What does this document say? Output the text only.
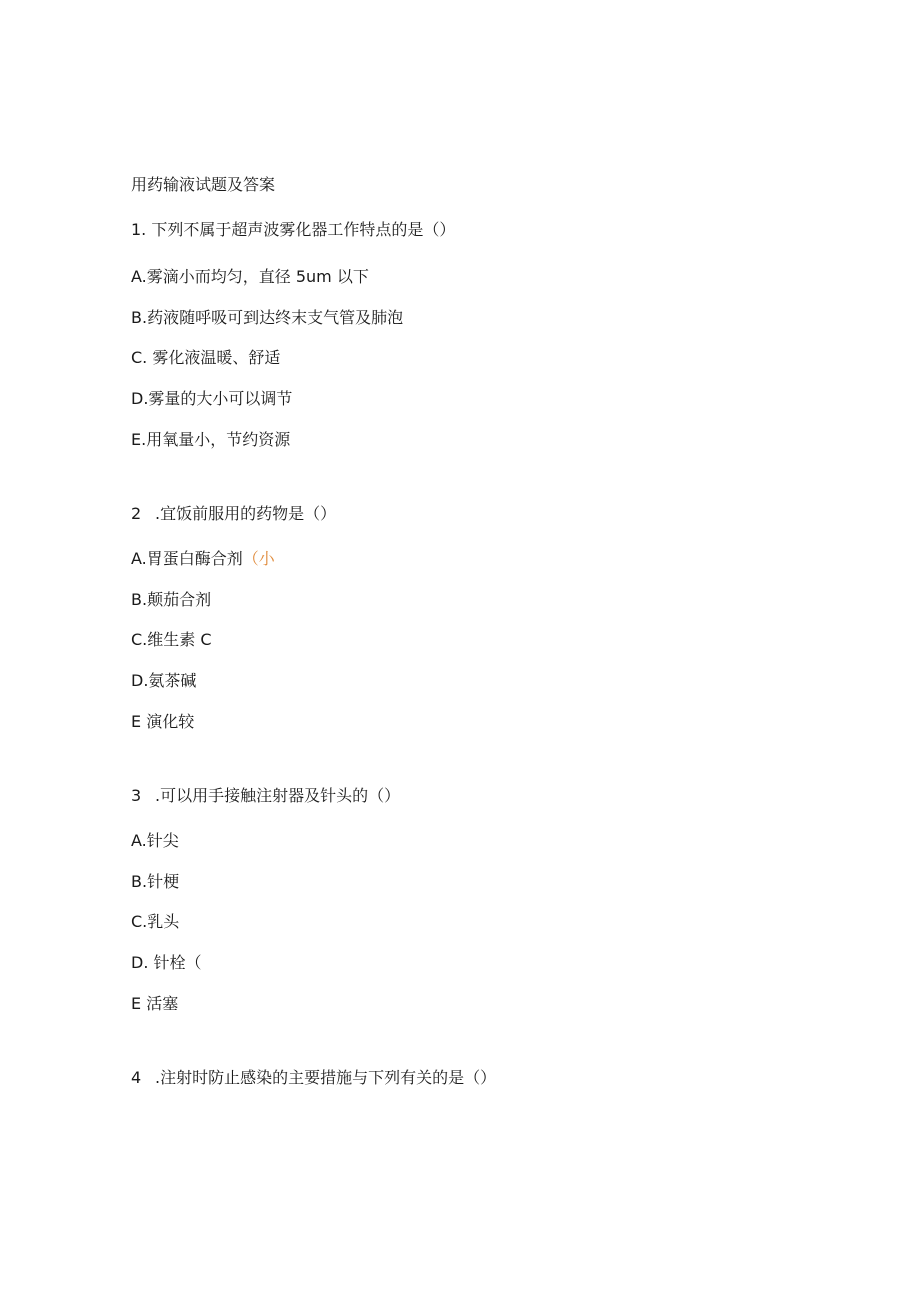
用药输液试题及答案
1. 下列不属于超声波雾化器工作特点的是（）
A.雾滴小而均匀，直径 5um 以下
B.药液随呼吸可到达终末支气管及肺泡
C. 雾化液温暖、舒适
D.雾量的大小可以调节
E.用氧量小，节约资源
2 .宜饭前服用的药物是（）
A.胃蛋白酶合剂（小
B.颠茄合剂
C.维生素 C
D.氨茶碱
E 演化较
3 .可以用手接触注射器及针头的（）
A.针尖
B.针梗
C.乳头
D. 针栓（
E 活塞
4 .注射时防止感染的主要措施与下列有关的是（）
